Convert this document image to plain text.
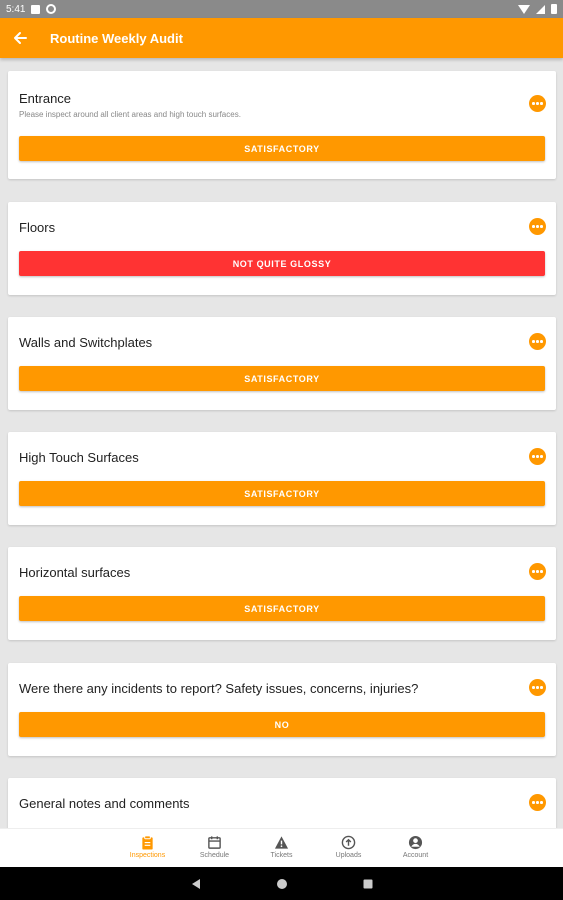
5:41
Routine Weekly Audit
Entrance
Please inspect around all client areas and high touch surfaces.
SATISFACTORY
Floors
NOT QUITE GLOSSY
Walls and Switchplates
SATISFACTORY
High Touch Surfaces
SATISFACTORY
Horizontal surfaces
SATISFACTORY
Were there any incidents to report? Safety issues, concerns, injuries?
NO
General notes and comments
Inspections	Schedule	Tickets	Uploads	Account
